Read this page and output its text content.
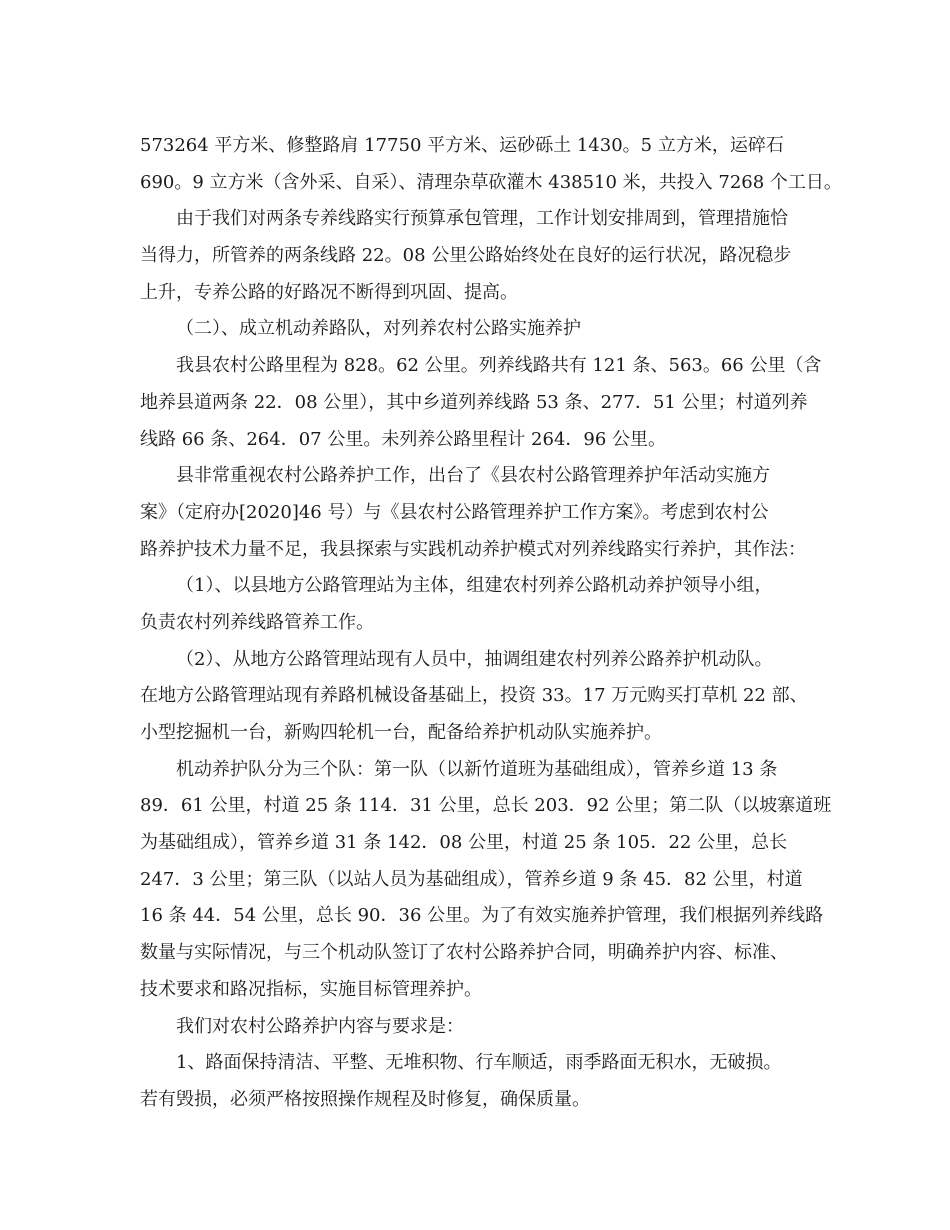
573264 平方米、修整路肩 17750 平方米、运砂砾土 1430。5 立方米，运碎石
690。9 立方米（含外采、自采）、清理杂草砍灌木 438510 米，共投入 7268 个工日。
由于我们对两条专养线路实行预算承包管理，工作计划安排周到，管理措施恰
当得力，所管养的两条线路 22。08 公里公路始终处在良好的运行状况，路况稳步
上升，专养公路的好路况不断得到巩固、提高。
（二）、成立机动养路队，对列养农村公路实施养护
我县农村公路里程为 828。62 公里。列养线路共有 121 条、563。66 公里（含
地养县道两条 22．08 公里），其中乡道列养线路 53 条、277．51 公里；村道列养
线路 66 条、264．07 公里。未列养公路里程计 264．96 公里。
县非常重视农村公路养护工作，出台了《县农村公路管理养护年活动实施方
案》（定府办[2020]46 号）与《县农村公路管理养护工作方案》。考虑到农村公
路养护技术力量不足，我县探索与实践机动养护模式对列养线路实行养护，其作法：
（1）、以县地方公路管理站为主体，组建农村列养公路机动养护领导小组，
负责农村列养线路管养工作。
（2）、从地方公路管理站现有人员中，抽调组建农村列养公路养护机动队。
在地方公路管理站现有养路机械设备基础上，投资 33。17 万元购买打草机 22 部、
小型挖掘机一台，新购四轮机一台，配备给养护机动队实施养护。
机动养护队分为三个队：第一队（以新竹道班为基础组成），管养乡道 13 条
89．61 公里，村道 25 条 114．31 公里，总长 203．92 公里；第二队（以坡寨道班
为基础组成），管养乡道 31 条 142．08 公里，村道 25 条 105．22 公里，总长
247．3 公里；第三队（以站人员为基础组成），管养乡道 9 条 45．82 公里，村道
16 条 44．54 公里，总长 90．36 公里。为了有效实施养护管理，我们根据列养线路
数量与实际情况，与三个机动队签订了农村公路养护合同，明确养护内容、标准、
技术要求和路况指标，实施目标管理养护。
我们对农村公路养护内容与要求是：
1、路面保持清洁、平整、无堆积物、行车顺适，雨季路面无积水，无破损。
若有毁损，必须严格按照操作规程及时修复，确保质量。
